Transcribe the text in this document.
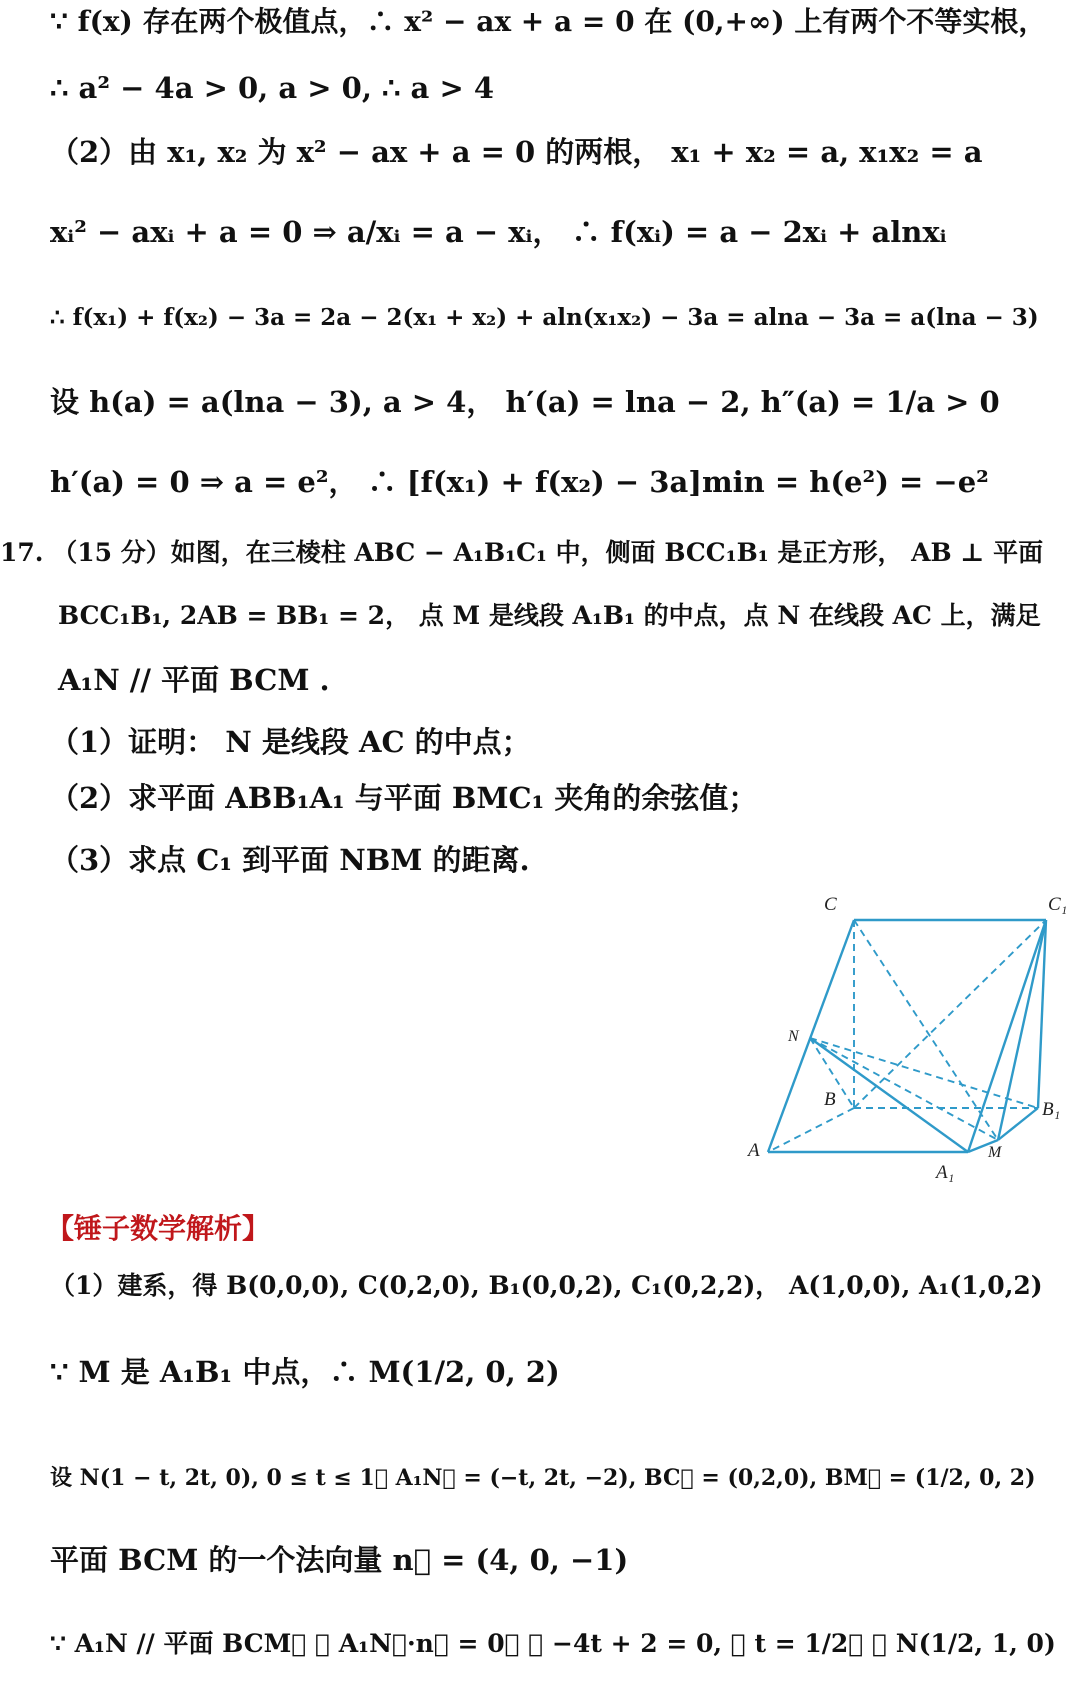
∵ f(x) 存在两个极值点，∴ x² − ax + a = 0 在 (0,+∞) 上有两个不等实根，
∴ a² − 4a > 0, a > 0, ∴ a > 4
（2）由 x₁, x₂ 为 x² − ax + a = 0 的两根， x₁ + x₂ = a, x₁x₂ = a
xᵢ² − axᵢ + a = 0 ⇒ a/xᵢ = a − xᵢ， ∴ f(xᵢ) = a − 2xᵢ + alnxᵢ
∴ f(x₁) + f(x₂) − 3a = 2a − 2(x₁ + x₂) + aln(x₁x₂) − 3a = alna − 3a = a(lna − 3)
设 h(a) = a(lna − 3), a > 4， h′(a) = lna − 2, h″(a) = 1/a > 0
h′(a) = 0 ⇒ a = e²， ∴ [f(x₁) + f(x₂) − 3a]min = h(e²) = −e²
17. （15 分）如图，在三棱柱 ABC − A₁B₁C₁ 中，侧面 BCC₁B₁ 是正方形， AB ⊥ 平面
BCC₁B₁, 2AB = BB₁ = 2， 点 M 是线段 A₁B₁ 的中点，点 N 在线段 AC 上，满足
A₁N // 平面 BCM .
（1）证明： N 是线段 AC 的中点；
（2）求平面 ABB₁A₁ 与平面 BMC₁ 夹角的余弦值；
（3）求点 C₁ 到平面 NBM 的距离.
C	C₁
N
B	B₁
M
A
A₁
【锤子数学解析】
（1）建系，得 B(0,0,0), C(0,2,0), B₁(0,0,2), C₁(0,2,2)， A(1,0,0), A₁(1,0,2)
∵ M 是 A₁B₁ 中点，∴ M(1/2, 0, 2)
设 N(1 − t, 2t, 0), 0 ≤ t ≤ 1， A₁N⃗ = (−t, 2t, −2), BC⃗ = (0,2,0), BM⃗ = (1/2, 0, 2)
平面 BCM 的一个法向量 n⃗ = (4, 0, −1)
∵ A₁N // 平面 BCM， ∴ A₁N⃗·n⃗ = 0， ∴ −4t + 2 = 0, ∴ t = 1/2， ∴ N(1/2, 1, 0)
